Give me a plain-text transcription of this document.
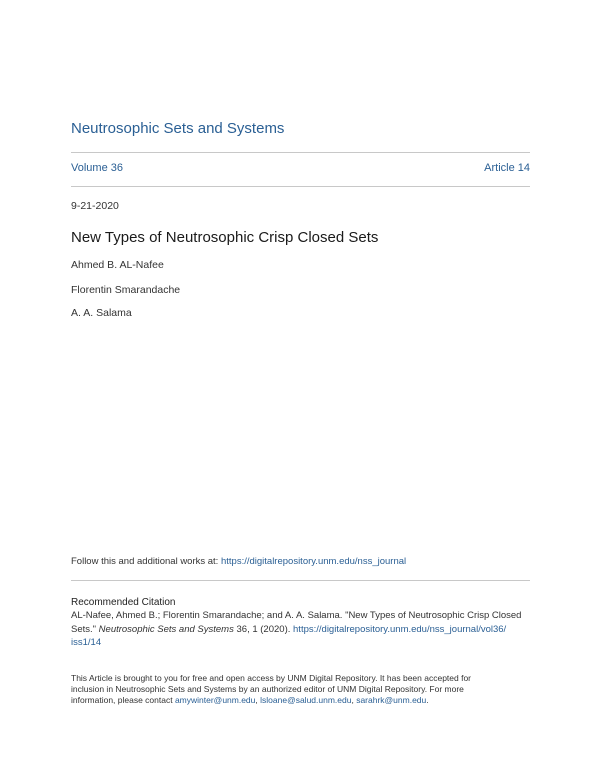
Neutrosophic Sets and Systems
Volume 36	Article 14
9-21-2020
New Types of Neutrosophic Crisp Closed Sets
Ahmed B. AL-Nafee
Florentin Smarandache
A. A. Salama
Follow this and additional works at: https://digitalrepository.unm.edu/nss_journal
Recommended Citation
AL-Nafee, Ahmed B.; Florentin Smarandache; and A. A. Salama. "New Types of Neutrosophic Crisp Closed
Sets." Neutrosophic Sets and Systems 36, 1 (2020). https://digitalrepository.unm.edu/nss_journal/vol36/
iss1/14
This Article is brought to you for free and open access by UNM Digital Repository. It has been accepted for
inclusion in Neutrosophic Sets and Systems by an authorized editor of UNM Digital Repository. For more
information, please contact amywinter@unm.edu, lsloane@salud.unm.edu, sarahrk@unm.edu.
